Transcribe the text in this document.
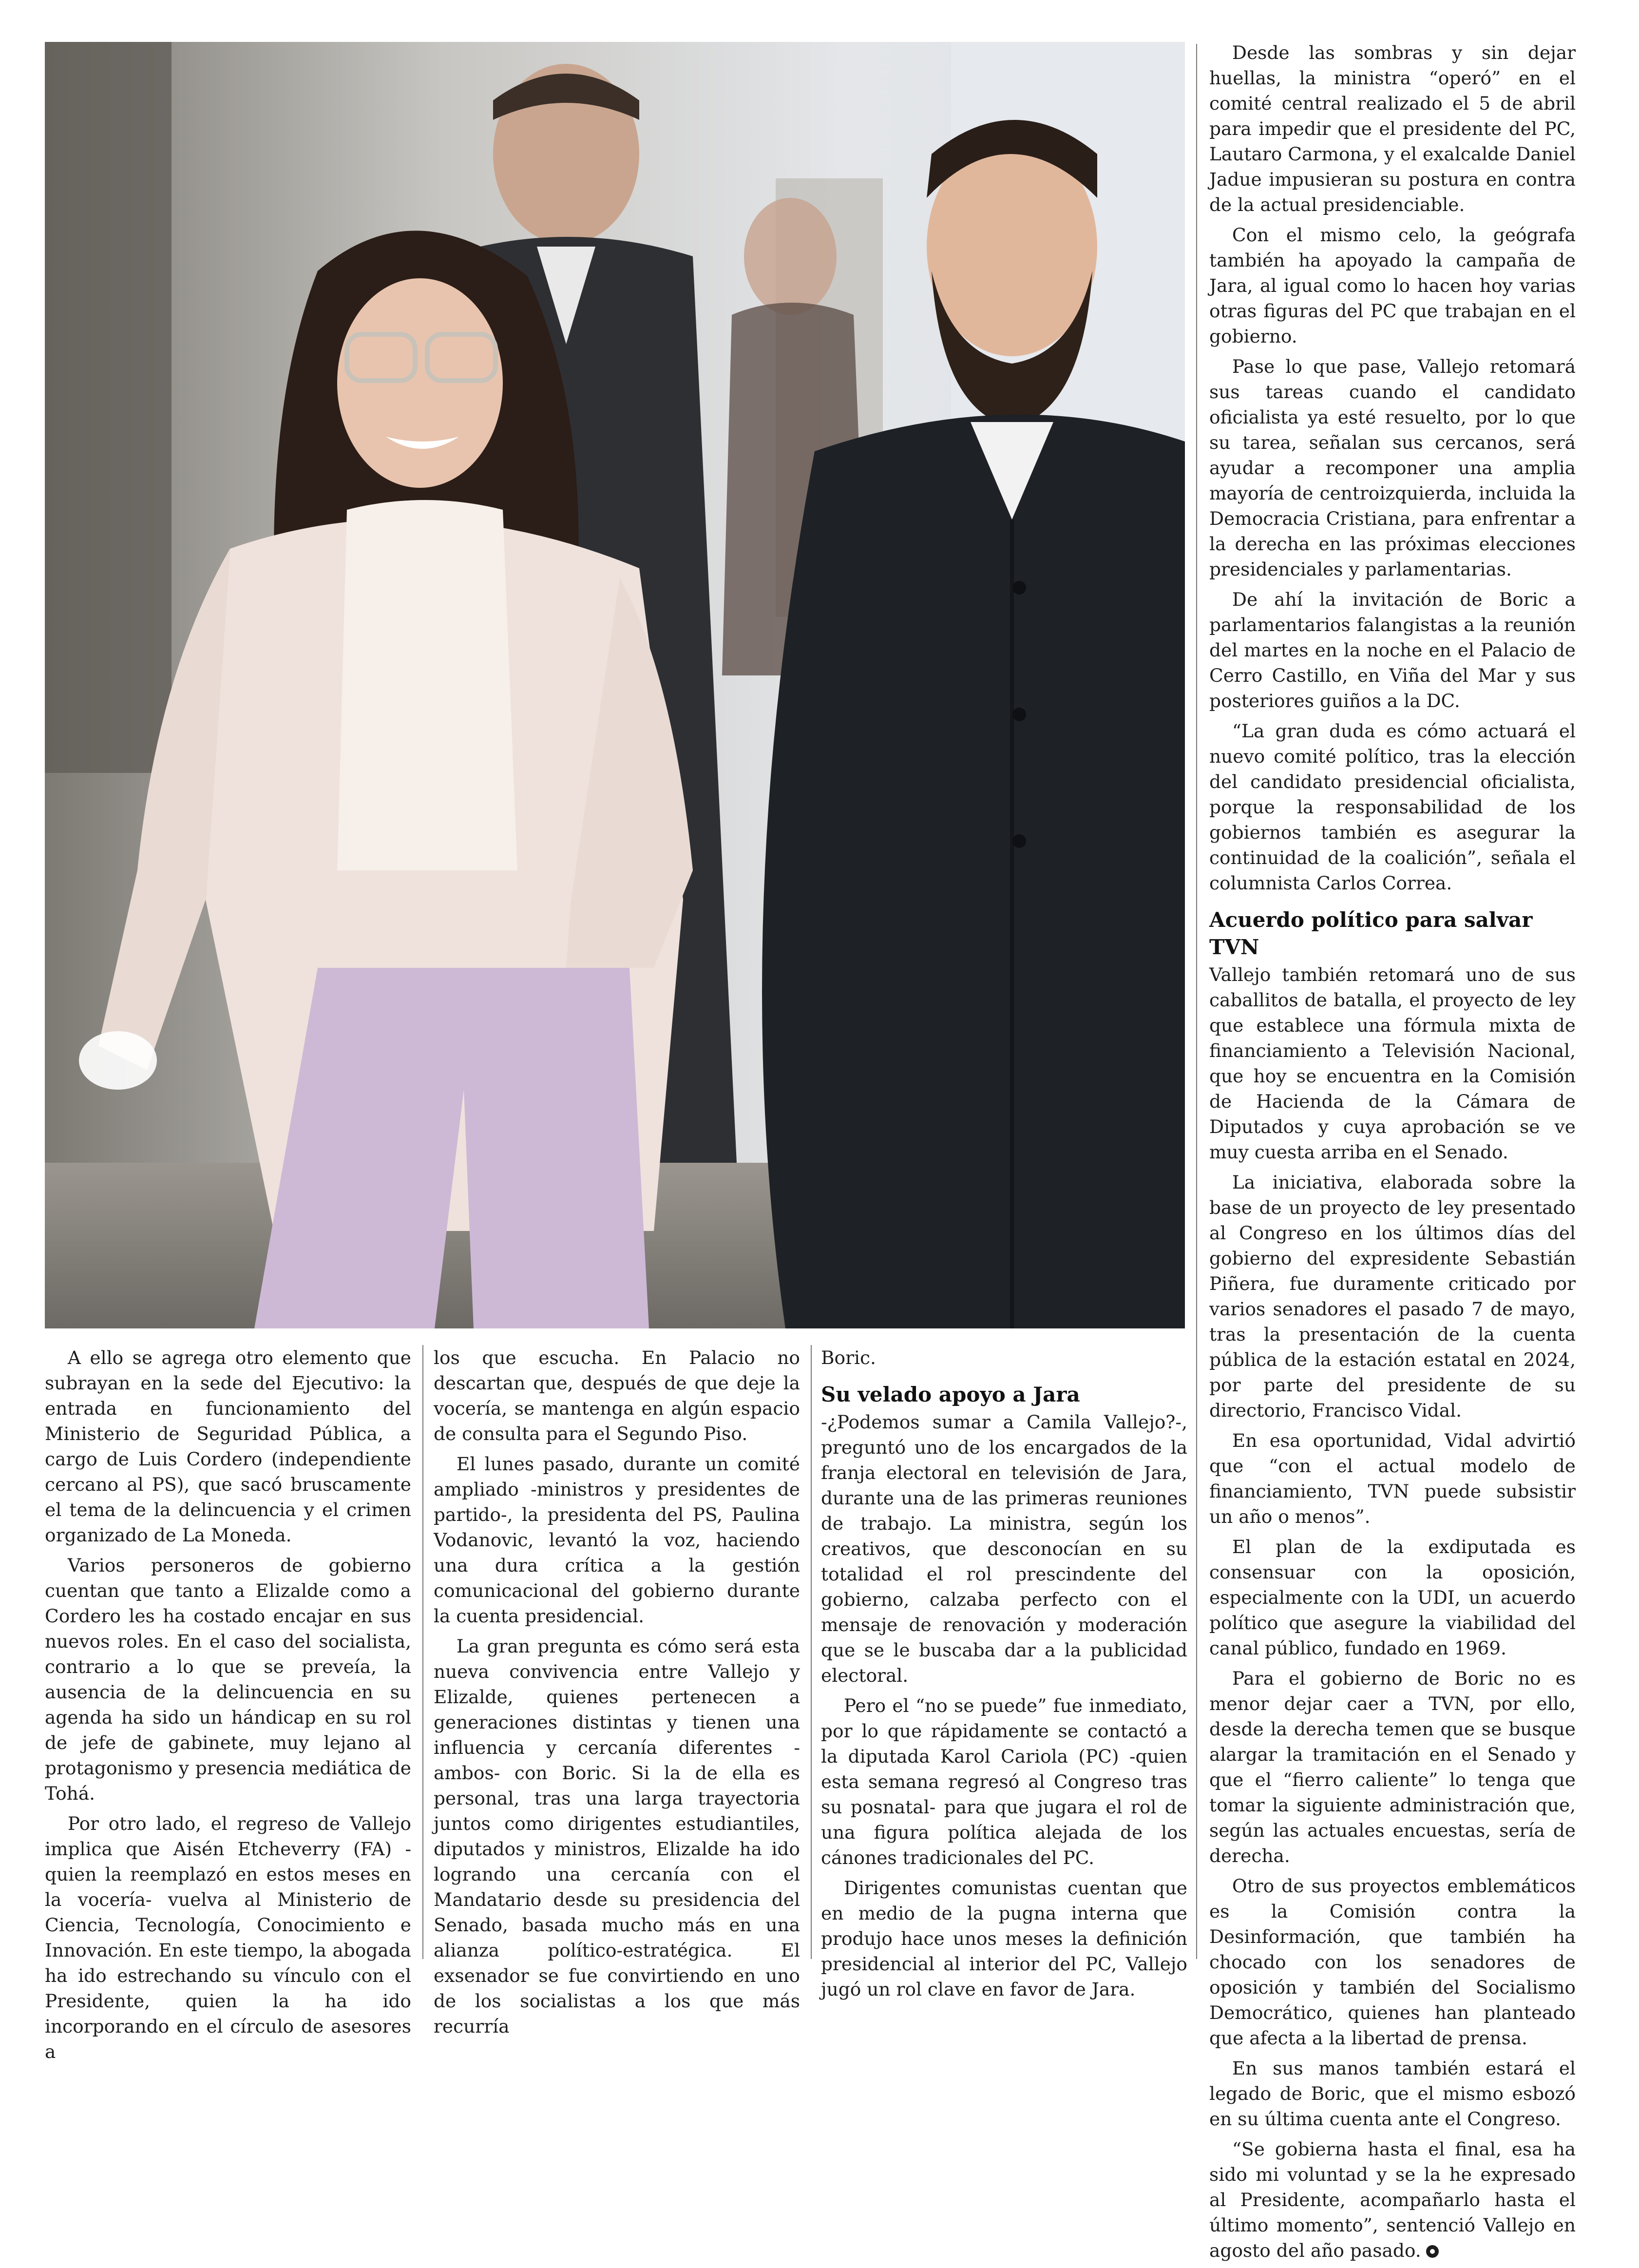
Desde las sombras y sin dejar huellas, la ministra “operó” en el comité central realizado el 5 de abril para impedir que el presidente del PC, Lautaro Carmona, y el exalcalde Daniel Jadue impusieran su postura en contra de la actual presidenciable.

Con el mismo celo, la geógrafa también ha apoyado la campaña de Jara, al igual como lo hacen hoy varias otras figuras del PC que trabajan en el gobierno.

Pase lo que pase, Vallejo retomará sus tareas cuando el candidato oficialista ya esté resuelto, por lo que su tarea, señalan sus cercanos, será ayudar a recomponer una amplia mayoría de centroizquierda, incluida la Democracia Cristiana, para enfrentar a la derecha en las próximas elecciones presidenciales y parlamentarias.

De ahí la invitación de Boric a parlamentarios falangistas a la reunión del martes en la noche en el Palacio de Cerro Castillo, en Viña del Mar y sus posteriores guiños a la DC.

“La gran duda es cómo actuará el nuevo comité político, tras la elección del candidato presidencial oficialista, porque la responsabilidad de los gobiernos también es asegurar la continuidad de la coalición”, señala el columnista Carlos Correa.

Acuerdo político para salvar TVN

Vallejo también retomará uno de sus caballitos de batalla, el proyecto de ley que establece una fórmula mixta de financiamiento a Televisión Nacional, que hoy se encuentra en la Comisión de Hacienda de la Cámara de Diputados y cuya aprobación se ve muy cuesta arriba en el Senado.

La iniciativa, elaborada sobre la base de un proyecto de ley presentado al Congreso en los últimos días del gobierno del expresidente Sebastián Piñera, fue duramente criticado por varios senadores el pasado 7 de mayo, tras la presentación de la cuenta pública de la estación estatal en 2024, por parte del presidente de su directorio, Francisco Vidal.

En esa oportunidad, Vidal advirtió que “con el actual modelo de financiamiento, TVN puede subsistir un año o menos”.

El plan de la exdiputada es consensuar con la oposición, especialmente con la UDI, un acuerdo político que asegure la viabilidad del canal público, fundado en 1969.

Para el gobierno de Boric no es menor dejar caer a TVN, por ello, desde la derecha temen que se busque alargar la tramitación en el Senado y que el “fierro caliente” lo tenga que tomar la siguiente administración que, según las actuales encuestas, sería de derecha.

Otro de sus proyectos emblemáticos es la Comisión contra la Desinformación, que también ha chocado con los senadores de oposición y también del Socialismo Democrático, quienes han planteado que afecta a la libertad de prensa.

En sus manos también estará el legado de Boric, que el mismo esbozó en su última cuenta ante el Congreso.

“Se gobierna hasta el final, esa ha sido mi voluntad y se la he expresado al Presidente, acompañarlo hasta el último momento”, sentenció Vallejo en agosto del año pasado.

A ello se agrega otro elemento que subrayan en la sede del Ejecutivo: la entrada en funcionamiento del Ministerio de Seguridad Pública, a cargo de Luis Cordero (independiente cercano al PS), que sacó bruscamente el tema de la delincuencia y el crimen organizado de La Moneda.

Varios personeros de gobierno cuentan que tanto a Elizalde como a Cordero les ha costado encajar en sus nuevos roles. En el caso del socialista, contrario a lo que se preveía, la ausencia de la delincuencia en su agenda ha sido un hándicap en su rol de jefe de gabinete, muy lejano al protagonismo y presencia mediática de Tohá.

Por otro lado, el regreso de Vallejo implica que Aisén Etcheverry (FA) -quien la reemplazó en estos meses en la vocería- vuelva al Ministerio de Ciencia, Tecnología, Conocimiento e Innovación. En este tiempo, la abogada ha ido estrechando su vínculo con el Presidente, quien la ha ido incorporando en el círculo de asesores a

los que escucha. En Palacio no descartan que, después de que deje la vocería, se mantenga en algún espacio de consulta para el Segundo Piso.

El lunes pasado, durante un comité ampliado -ministros y presidentes de partido-, la presidenta del PS, Paulina Vodanovic, levantó la voz, haciendo una dura crítica a la gestión comunicacional del gobierno durante la cuenta presidencial.

La gran pregunta es cómo será esta nueva convivencia entre Vallejo y Elizalde, quienes pertenecen a generaciones distintas y tienen una influencia y cercanía diferentes -ambos- con Boric. Si la de ella es personal, tras una larga trayectoria juntos como dirigentes estudiantiles, diputados y ministros, Elizalde ha ido logrando una cercanía con el Mandatario desde su presidencia del Senado, basada mucho más en una alianza político-estratégica. El exsenador se fue convirtiendo en uno de los socialistas a los que más recurría

Boric.

Su velado apoyo a Jara

-¿Podemos sumar a Camila Vallejo?-, preguntó uno de los encargados de la franja electoral en televisión de Jara, durante una de las primeras reuniones de trabajo. La ministra, según los creativos, que desconocían en su totalidad el rol prescindente del gobierno, calzaba perfecto con el mensaje de renovación y moderación que se le buscaba dar a la publicidad electoral.

Pero el “no se puede” fue inmediato, por lo que rápidamente se contactó a la diputada Karol Cariola (PC) -quien esta semana regresó al Congreso tras su posnatal- para que jugara el rol de una figura política alejada de los cánones tradicionales del PC.

Dirigentes comunistas cuentan que en medio de la pugna interna que produjo hace unos meses la definición presidencial al interior del PC, Vallejo jugó un rol clave en favor de Jara.
